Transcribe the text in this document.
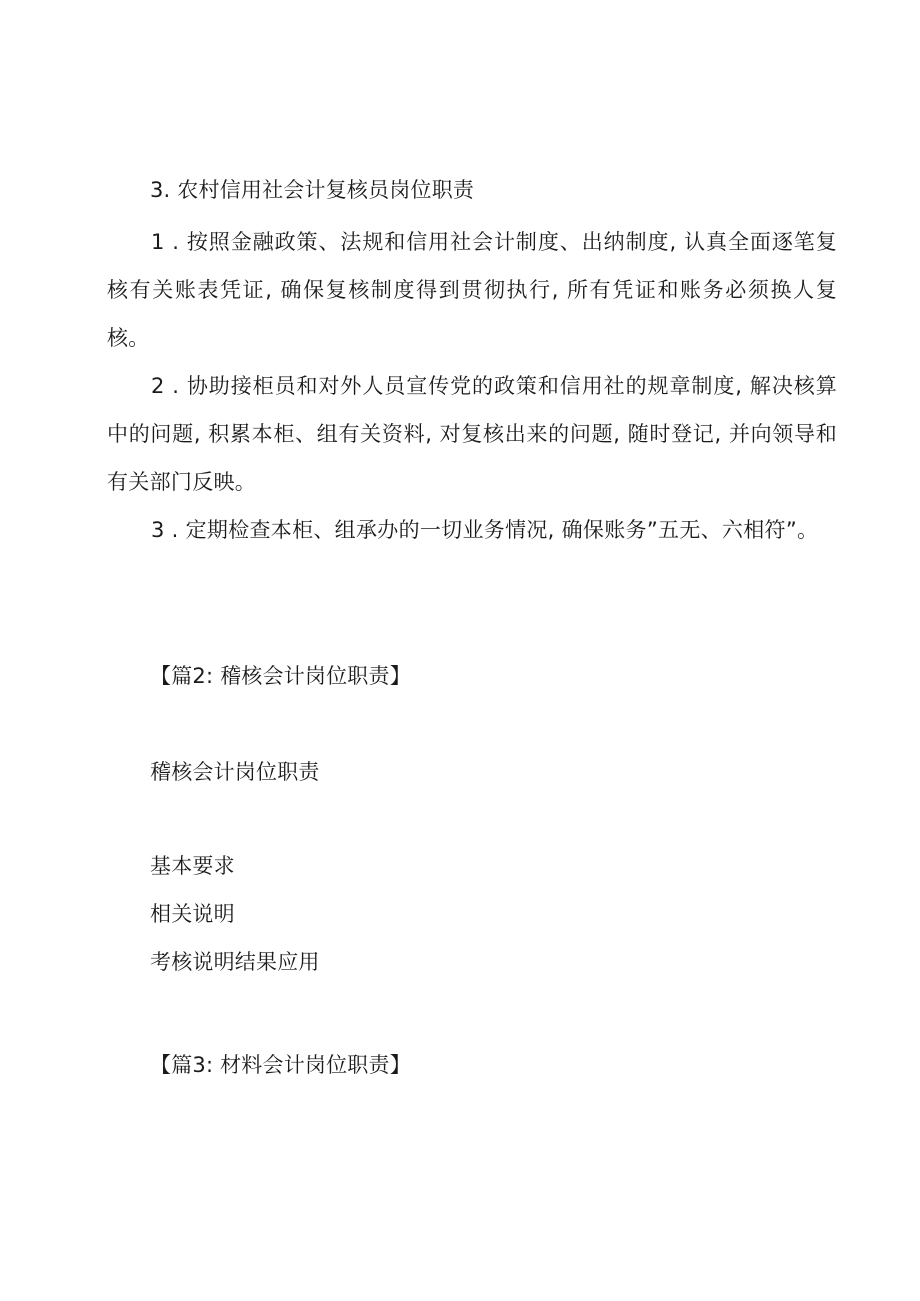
3. 农村信用社会计复核员岗位职责
1 . 按照金融政策、法规和信用社会计制度、出纳制度, 认真全面逐笔复核有关账表凭证, 确保复核制度得到贯彻执行, 所有凭证和账务必须换人复核。
2 . 协助接柜员和对外人员宣传党的政策和信用社的规章制度, 解决核算中的问题, 积累本柜、组有关资料, 对复核出来的问题, 随时登记, 并向领导和有关部门反映。
3 . 定期检查本柜、组承办的一切业务情况, 确保账务”五无、六相符”。
【篇2: 稽核会计岗位职责】
稽核会计岗位职责
基本要求
相关说明
考核说明结果应用
【篇3: 材料会计岗位职责】
